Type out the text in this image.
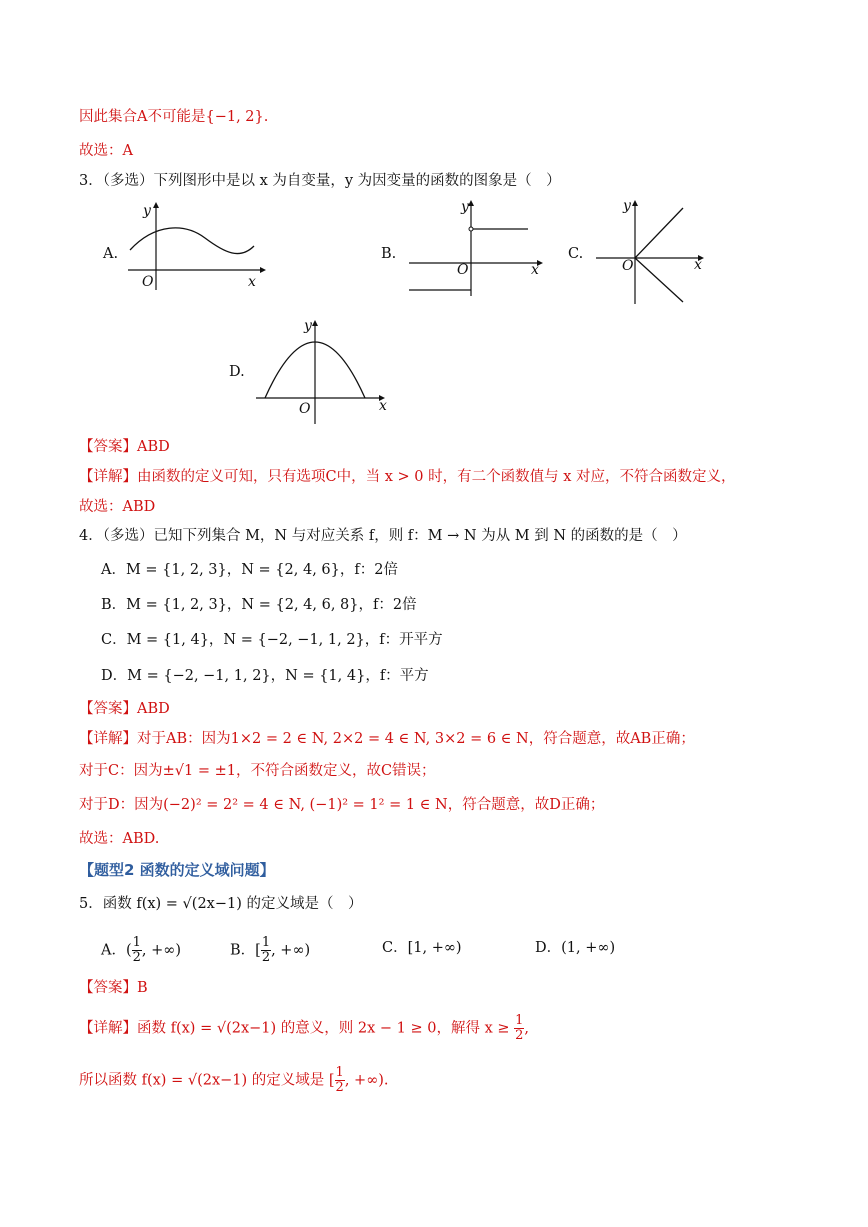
因此集合A不可能是{−1, 2}.
故选：A
3．（多选）下列图形中是以 x 为自变量，y 为因变量的函数的图象是（　）
A.
y
x
O
B.
y
x
O
C.
y
x
O
D.
y
x
O
【答案】ABD
【详解】由函数的定义可知，只有选项C中，当 x > 0 时，有二个函数值与 x 对应，不符合函数定义，
故选：ABD
4．（多选）已知下列集合 M，N 与对应关系 f，则 f：M → N 为从 M 到 N 的函数的是（　）
A．M = {1, 2, 3}，N = {2, 4, 6}，f：2倍
B．M = {1, 2, 3}，N = {2, 4, 6, 8}，f：2倍
C．M = {1, 4}，N = {−2, −1, 1, 2}，f：开平方
D．M = {−2, −1, 1, 2}，N = {1, 4}，f：平方
【答案】ABD
【详解】对于AB：因为1×2 = 2 ∈ N, 2×2 = 4 ∈ N, 3×2 = 6 ∈ N，符合题意，故AB正确；
对于C：因为±√1 = ±1，不符合函数定义，故C错误；
对于D：因为(−2)² = 2² = 4 ∈ N, (−1)² = 1² = 1 ∈ N，符合题意，故D正确；
故选：ABD.
【题型2 函数的定义域问题】
5．函数 f(x) = √(2x−1) 的定义域是（　）
A．( $\frac{1}{2}$ , +∞)	B．[ $\frac{1}{2}$ , +∞)	C．[1, +∞)	D．(1, +∞)
【答案】B
【详解】函数 f(x) = √(2x−1) 的意义，则 2x − 1 ≥ 0，解得 $x \ge \frac{1}{2}$ ,
所以函数 f(x) = √(2x−1) 的定义域是 [ $\frac{1}{2}$ , +∞).
